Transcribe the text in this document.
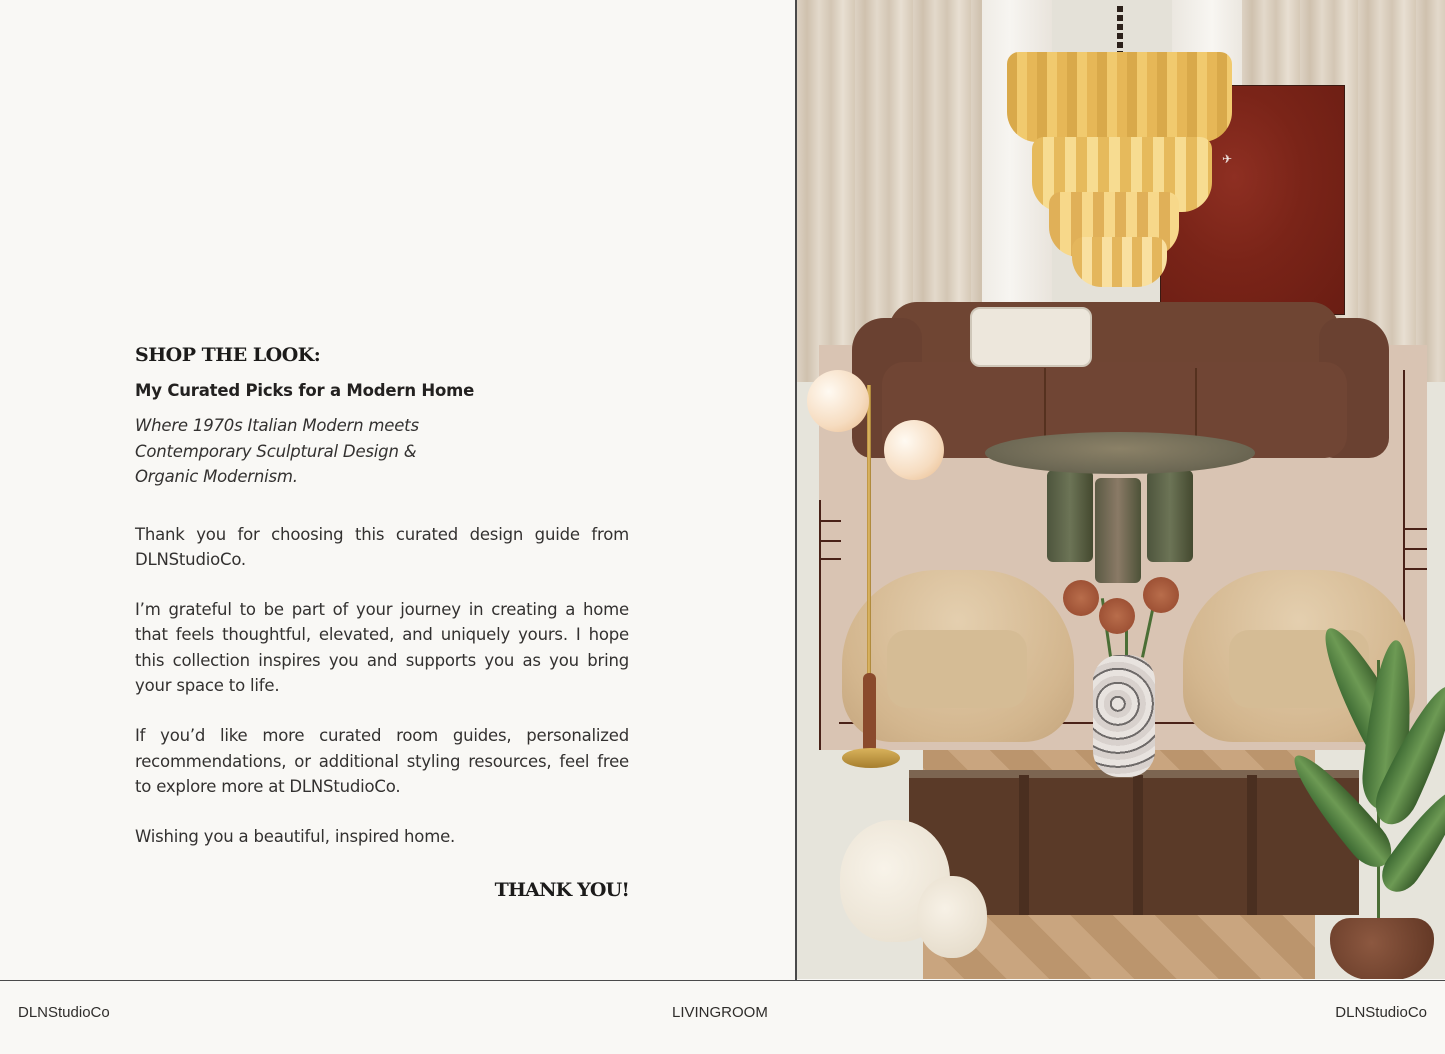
SHOP THE LOOK:
My Curated Picks for a Modern Home
Where 1970s Italian Modern meets
Contemporary Sculptural Design &
Organic Modernism.

Thank you for choosing this curated design guide from DLNStudioCo.

I’m grateful to be part of your journey in creating a home that feels thoughtful, elevated, and uniquely yours. I hope this collection inspires you and supports you as you bring your space to life.

If you’d like more curated room guides, personalized recommendations, or additional styling resources, feel free to explore more at DLNStudioCo.

Wishing you a beautiful, inspired home.

THANK YOU!
✈
DLNStudioCo	LIVINGROOM	DLNStudioCo
